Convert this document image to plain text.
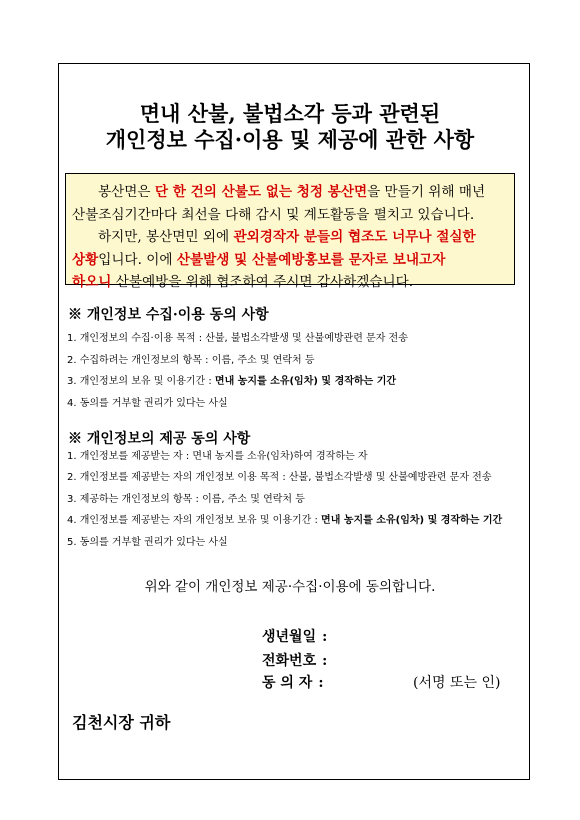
면내 산불, 불법소각 등과 관련된
개인정보 수집·이용 및 제공에 관한 사항
봉산면은 단 한 건의 산불도 없는 청정 봉산면을 만들기 위해 매년
산불조심기간마다 최선을 다해 감시 및 계도활동을 펼치고 있습니다.
하지만, 봉산면민 외에 관외경작자 분들의 협조도 너무나 절실한
상황입니다. 이에 산불발생 및 산불예방홍보를 문자로 보내고자
하오니 산불예방을 위해 협조하여 주시면 감사하겠습니다.
※ 개인정보 수집·이용 동의 사항
1. 개인정보의 수집·이용 목적 : 산불, 불법소각발생 및 산불예방관련 문자 전송
2. 수집하려는 개인정보의 항목 : 이름, 주소 및 연락처 등
3. 개인정보의 보유 및 이용기간 : 면내 농지를 소유(임차) 및 경작하는 기간
4. 동의를 거부할 권리가 있다는 사실
※ 개인정보의 제공 동의 사항
1. 개인정보를 제공받는 자 : 면내 농지를 소유(임차)하여 경작하는 자
2. 개인정보를 제공받는 자의 개인정보 이용 목적 : 산불, 불법소각발생 및 산불예방관련 문자 전송
3. 제공하는 개인정보의 항목 : 이름, 주소 및 연락처 등
4. 개인정보를 제공받는 자의 개인정보 보유 및 이용기간 : 면내 농지를 소유(임차) 및 경작하는 기간
5. 동의를 거부할 권리가 있다는 사실
위와 같이 개인정보 제공·수집·이용에 동의합니다.
생년월일 :
전화번호 :
동 의 자 :	(서명 또는 인)
김천시장 귀하
